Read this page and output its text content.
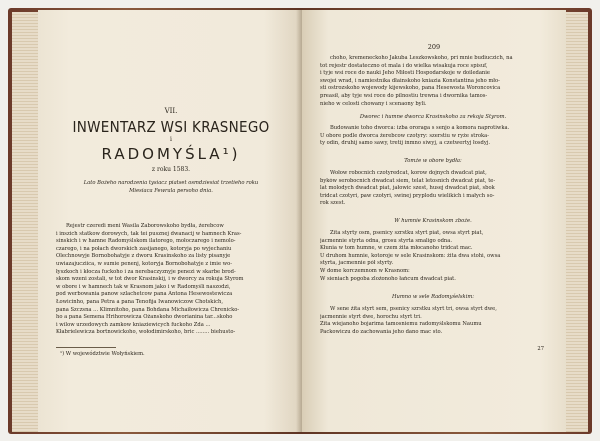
VII.
INWENTARZ WSI KRASNEGO
i
RADOMYŚLA¹)
z roku 1583.
Lato Bożeho narodzenia tysiacz piatset osmdziesiat trzetieho roku
Miesiaca Fewrala persoho dnia.
Rejestr czeredi meni Wasila Zaborowskoho bydła, źerebcow
i inszich statkow dorowych, tak tei pusznej dwanacij w hamnech Kras-
sinskich i w hamne Radomyślskom ilatorego, mołoczarego i nemolo-
czarego, i na połach dworskich zasijanego, kotoryja po wyjechaniu
Olechnowyje Bornobohatyje z dworu Krasinskoho za listy pisanyje
uwiazajucziica, w sumie penenj, kotoryja Bornobohatyje z imie wo-
łyszkoch i kłocza fuckoho i za nerebaczyznyje penezi w skarbe brod-
skom wzeni zostali, w tot dwor Krasinskij, i w dworcy za rokuja Styrom
w obore i w hamnech tak w Krasnom jako i w Radomyśli naszodzi,
pod werbowania panow szlachetcow pana Antona Hesewostewicza
Łowicinho, pana Petra a pana Tenofija Iwanowiczow Chotskich,
pana Szczsna ... Klimnitoho, pana Bohdana Michaiłowicza Chrenicko-
ho a pana Semena Hrihorowicza Ożanskoho dworianina tar...skoho
i wilow urzedowych zamkow kniaziewicych fuckoho Zda ...
Kłabrielewicza bortnowickoho, wołodimirskoho, bric ........ biehusto-
¹) W województwie Wołyńskiem.
209
choho, kremeneckoho Jakuba Leszkowskoho, pri mnie budiuczich, na
tot rejestr dostateczno ot mala i do wielka wisakuja roce spisuf,
i tyje wsi roce do nauki Jeho Miłosti Hospodarskoje w doiledanie
swojei wrad, i namiestnika dłainskoho kniazia Konstantina jeho mło-
sti ostrozskoho wojewody kijewskoho, pana Hesewosta Woroncovica
preasił, aby tyje wsi roce do pilnostiu trewna i dwornika tamos-
nieho w celosti chowany i scenaony byli.
Dworec i humne dworca Krasinskoho za rekoja Styrom.
Budowanie toho dworca: izba ororaga s senjo a komora naprotiwka.
U obore podle dworca źerebcow czotyry: szerstiu w ryże stroka-
ty odin, druhij samo sawy, tretij inmno siwyj, a czetwertyj łosdyj.
Tomże w obore bydła:
Wołow robocnich czotyredcat, korow dojnych dwadcat piat,
byków serobocnich dwadcat siem, telat letosnich dwadcat piat, te-
lat molodych dwadcat piat, jałowic szest, husej dwadcat piat, sbok
tridcat czotyri, paw czotyri, swinej pryplodu wielikich i małych so-
rok szest.
W humnie Krasinskom zboże.
Żita styrty osm, psenicy szrstku styrt piat, owsa styrt piat,
jacmennie styrta odna, grosu styrta smaligo odna.
Kłunia w tom humne, w czem żita młocanoho tridcat mac.
U druhom humnie, kotoroje w sele Krasinskom: żita dwa stohi, owsa
styrta, jacmennie pół styrty.
W dome korczemnom w Krasnom:
W sieniach pogoba zlożonoho łańcum dwadcat piat.
Humno w sele Radomyśelskim:
W sene żita styrt sem, psenicy szrstku styrt tri, owsa styrt dwe,
jacmennie styrt dwe, horochu styrt tri.
Żita wiejanoho bojarima tamosniemu radomyślskomu Naumu
Packowiczu do zachowania jeho dano mac sto.
27
